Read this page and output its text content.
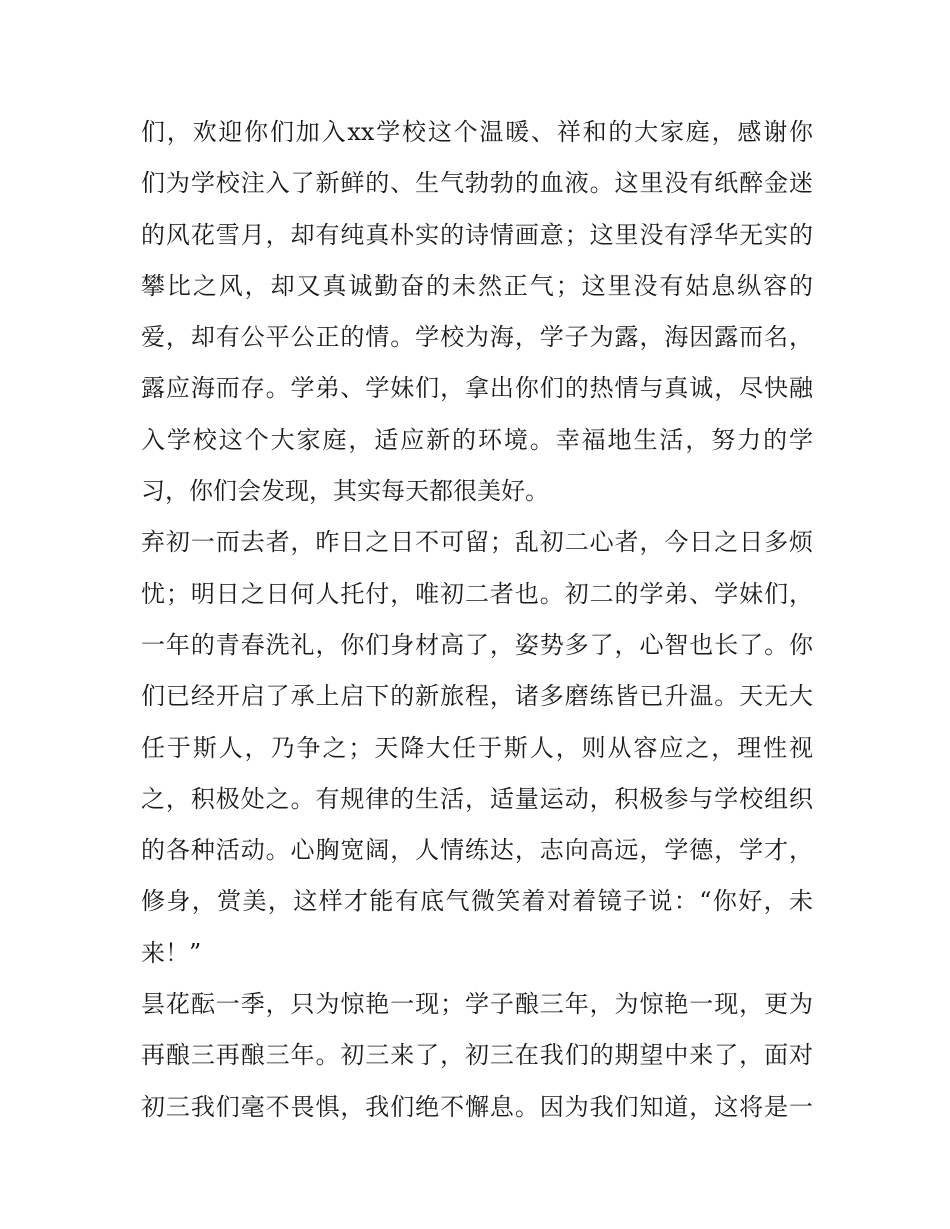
们，欢迎你们加入xx学校这个温暖、祥和的大家庭，感谢你
们为学校注入了新鲜的、生气勃勃的血液。这里没有纸醉金迷
的风花雪月，却有纯真朴实的诗情画意；这里没有浮华无实的
攀比之风，却又真诚勤奋的未然正气；这里没有姑息纵容的
爱，却有公平公正的情。学校为海，学子为露，海因露而名，
露应海而存。学弟、学妹们，拿出你们的热情与真诚，尽快融
入学校这个大家庭，适应新的环境。幸福地生活，努力的学
习，你们会发现，其实每天都很美好。
弃初一而去者，昨日之日不可留；乱初二心者，今日之日多烦
忧；明日之日何人托付，唯初二者也。初二的学弟、学妹们，
一年的青春洗礼，你们身材高了，姿势多了，心智也长了。你
们已经开启了承上启下的新旅程，诸多磨练皆已升温。天无大
任于斯人，乃争之；天降大任于斯人，则从容应之，理性视
之，积极处之。有规律的生活，适量运动，积极参与学校组织
的各种活动。心胸宽阔，人情练达，志向高远，学德，学才，
修身，赏美，这样才能有底气微笑着对着镜子说：“你好，未
来！”
昙花酝一季，只为惊艳一现；学子酿三年，为惊艳一现，更为
再酿三再酿三年。初三来了，初三在我们的期望中来了，面对
初三我们毫不畏惧，我们绝不懈息。因为我们知道，这将是一
